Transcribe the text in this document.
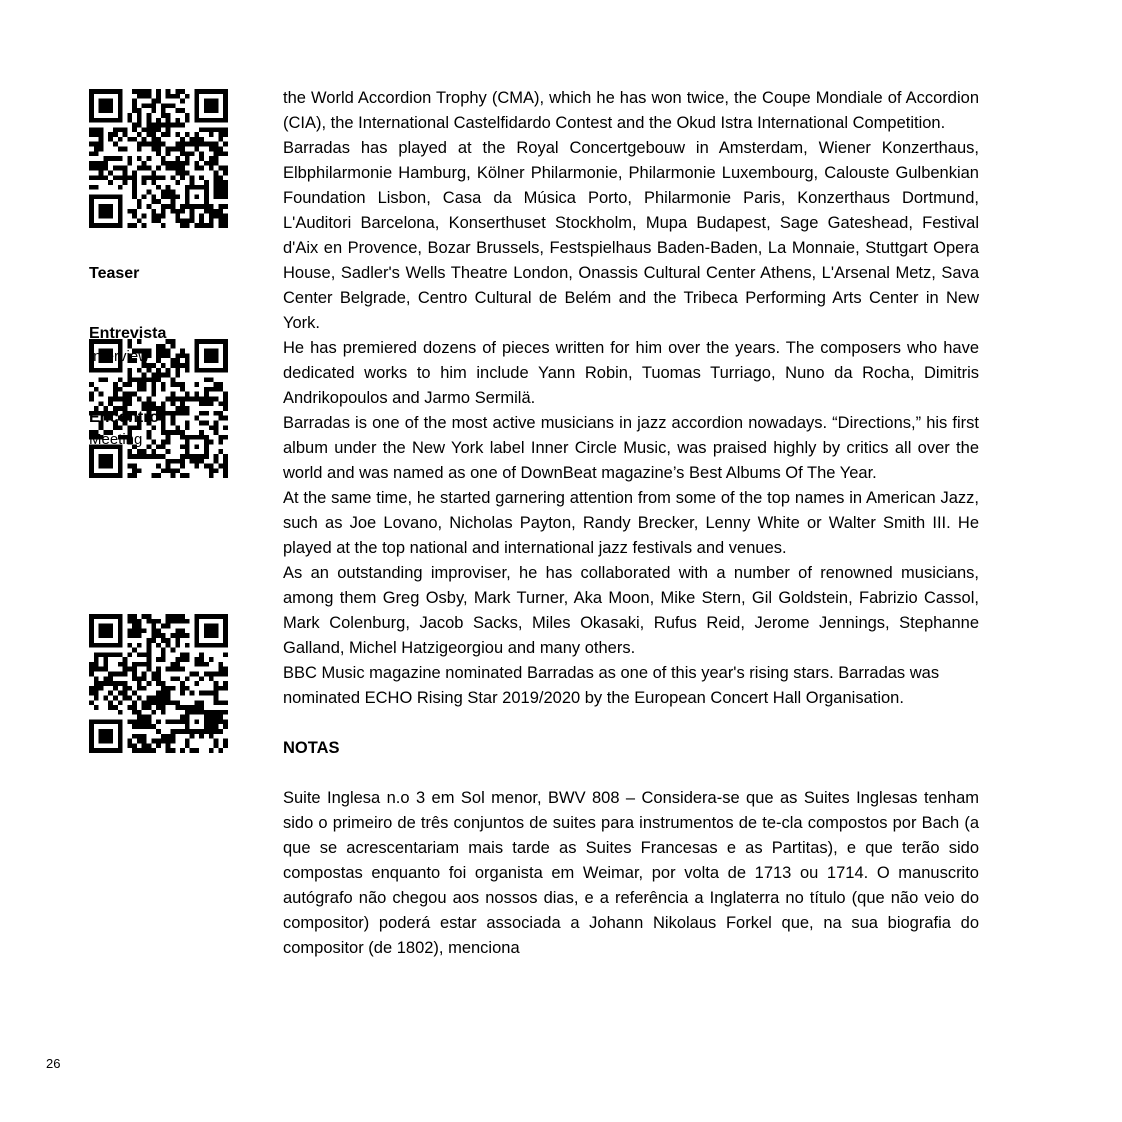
Teaser
Entrevista
Interview
Encontro
Meeting

the World Accordion Trophy (CMA), which he has won twice, the Coupe Mondiale of Accordion (CIA), the International Castelfidardo Contest and the Okud Istra International Competition.

Barradas has played at the Royal Concertgebouw in Amsterdam, Wiener Konzerthaus, Elbphilarmonie Hamburg, Kölner Philarmonie, Philarmonie Luxembourg, Calouste Gulbenkian Foundation Lisbon, Casa da Música Porto, Philarmonie Paris, Konzerthaus Dortmund, L'Auditori Barcelona, Konserthuset Stockholm, Mupa Budapest, Sage Gateshead, Festival d'Aix en Provence, Bozar Brussels, Festspielhaus Baden-Baden, La Monnaie, Stuttgart Opera House, Sadler's Wells Theatre London, Onassis Cultural Center Athens, L'Arsenal Metz, Sava Center Belgrade, Centro Cultural de Belém and the Tribeca Performing Arts Center in New York.

He has premiered dozens of pieces written for him over the years. The composers who have dedicated works to him include Yann Robin, Tuomas Turriago, Nuno da Rocha, Dimitris Andrikopoulos and Jarmo Sermilä.

Barradas is one of the most active musicians in jazz accordion nowadays. “Directions,” his first album under the New York label Inner Circle Music, was praised highly by critics all over the world and was named as one of DownBeat magazine’s Best Albums Of The Year.

At the same time, he started garnering attention from some of the top names in American Jazz, such as Joe Lovano, Nicholas Payton, Randy Brecker, Lenny White or Walter Smith III. He played at the top national and international jazz festivals and venues.

As an outstanding improviser, he has collaborated with a number of renowned musicians, among them Greg Osby, Mark Turner, Aka Moon, Mike Stern, Gil Goldstein, Fabrizio Cassol, Mark Colenburg, Jacob Sacks, Miles Okasaki, Rufus Reid, Jerome Jennings, Stephanne Galland, Michel Hatzigeorgiou and many others.

BBC Music magazine nominated Barradas as one of this year's rising stars. Barradas was nominated ECHO Rising Star 2019/2020 by the European Concert Hall Organisation.

NOTAS

Suite Inglesa n.o 3 em Sol menor, BWV 808 – Considera-se que as Suites Inglesas tenham sido o primeiro de três conjuntos de suites para instrumentos de te-cla compostos por Bach (a que se acrescentariam mais tarde as Suites Francesas e as Partitas), e que terão sido compostas enquanto foi organista em Weimar, por volta de 1713 ou 1714. O manuscrito autógrafo não chegou aos nossos dias, e a referência a Inglaterra no título (que não veio do compositor) poderá estar associada a Johann Nikolaus Forkel que, na sua biografia do compositor (de 1802), menciona

26
